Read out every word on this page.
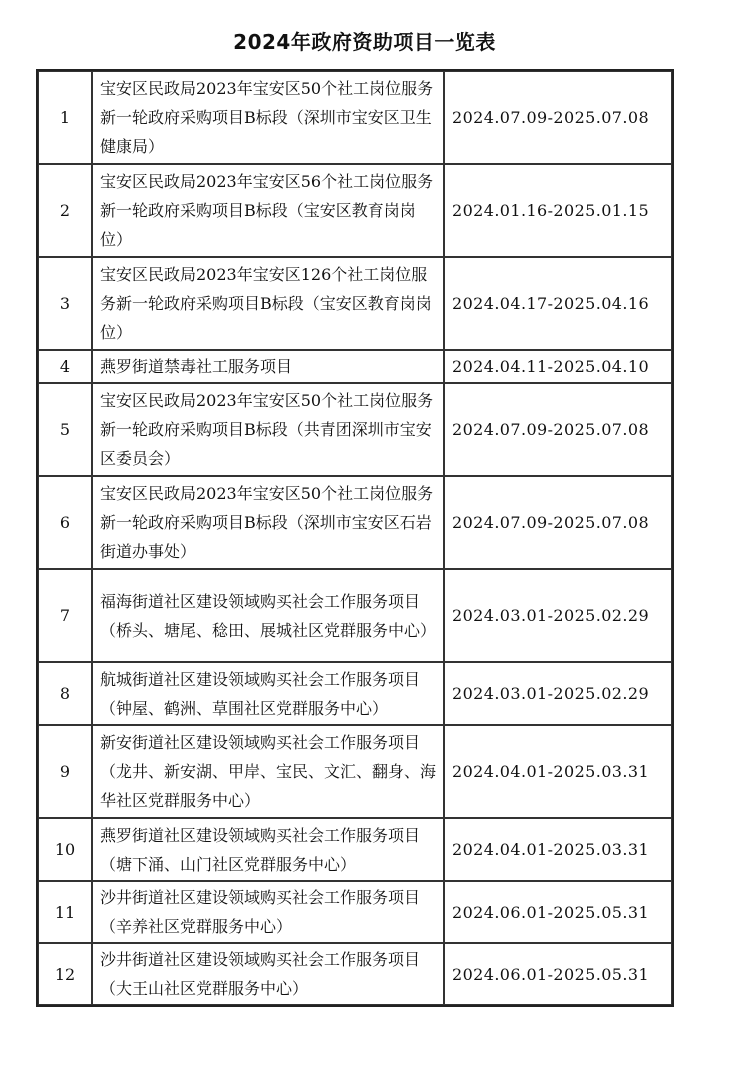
2024年政府资助项目一览表
1	宝安区民政局2023年宝安区50个社工岗位服务新一轮政府采购项目B标段（深圳市宝安区卫生健康局）	2024.07.09-2025.07.08
2	宝安区民政局2023年宝安区56个社工岗位服务新一轮政府采购项目B标段（宝安区教育岗岗位）	2024.01.16-2025.01.15
3	宝安区民政局2023年宝安区126个社工岗位服务新一轮政府采购项目B标段（宝安区教育岗岗位）	2024.04.17-2025.04.16
4	燕罗街道禁毒社工服务项目	2024.04.11-2025.04.10
5	宝安区民政局2023年宝安区50个社工岗位服务新一轮政府采购项目B标段（共青团深圳市宝安区委员会）	2024.07.09-2025.07.08
6	宝安区民政局2023年宝安区50个社工岗位服务新一轮政府采购项目B标段（深圳市宝安区石岩街道办事处）	2024.07.09-2025.07.08
7	福海街道社区建设领域购买社会工作服务项目（桥头、塘尾、稔田、展城社区党群服务中心）	2024.03.01-2025.02.29
8	航城街道社区建设领域购买社会工作服务项目（钟屋、鹤洲、草围社区党群服务中心）	2024.03.01-2025.02.29
9	新安街道社区建设领域购买社会工作服务项目（龙井、新安湖、甲岸、宝民、文汇、翻身、海华社区党群服务中心）	2024.04.01-2025.03.31
10	燕罗街道社区建设领域购买社会工作服务项目（塘下涌、山门社区党群服务中心）	2024.04.01-2025.03.31
11	沙井街道社区建设领域购买社会工作服务项目（辛养社区党群服务中心）	2024.06.01-2025.05.31
12	沙井街道社区建设领域购买社会工作服务项目（大王山社区党群服务中心）	2024.06.01-2025.05.31
